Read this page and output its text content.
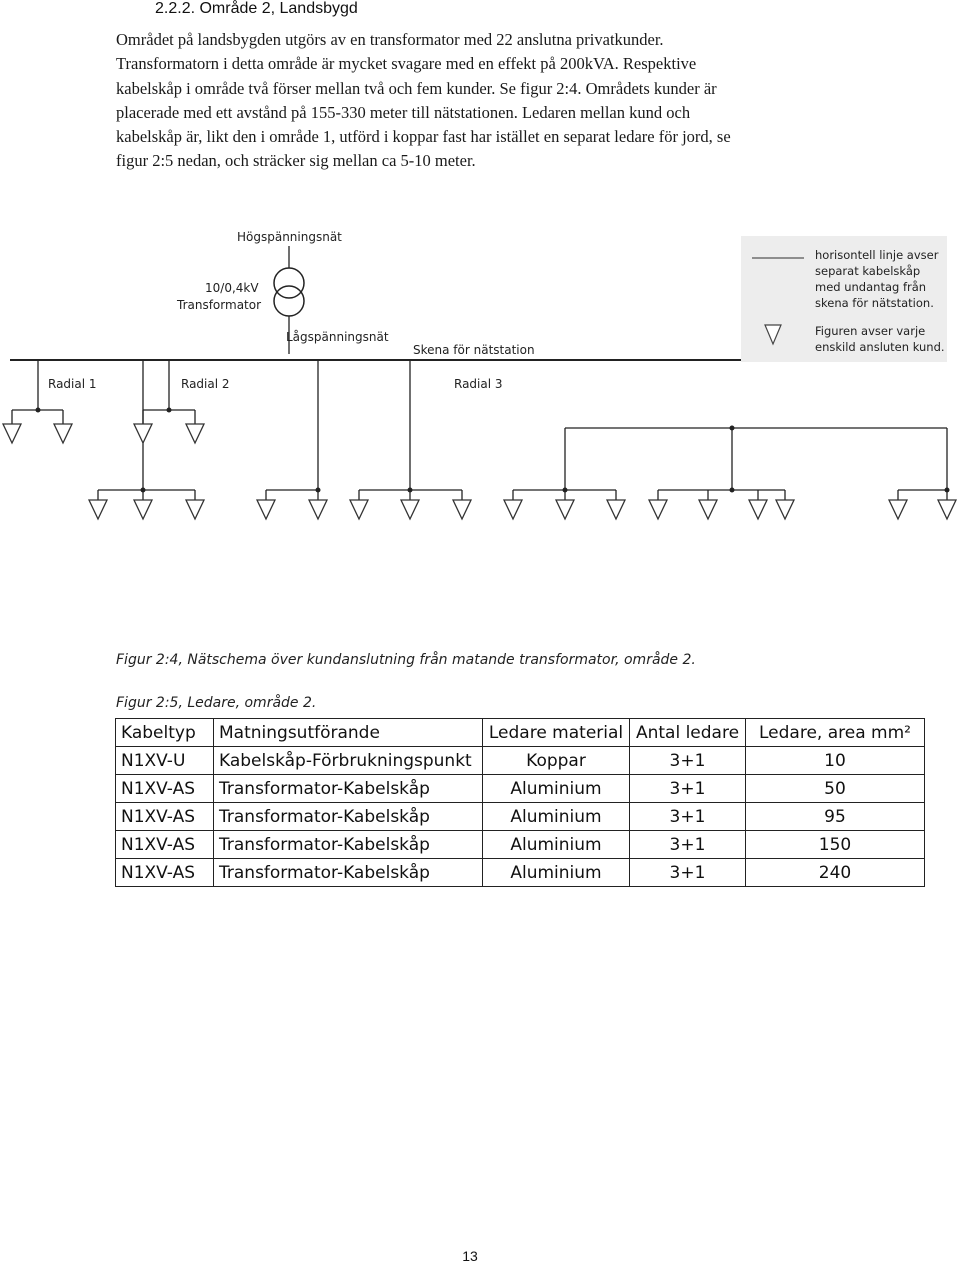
2.2.2. Område 2, Landsbygd
Området på landsbygden utgörs av en transformator med 22 anslutna privatkunder.
Transformatorn i detta område är mycket svagare med en effekt på 200kVA. Respektive
kabelskåp i område två förser mellan två och fem kunder. Se figur 2:4. Områdets kunder är
placerade med ett avstånd på 155-330 meter till nätstationen. Ledaren mellan kund och
kabelskåp är, likt den i område 1, utförd i koppar fast har istället en separat ledare för jord, se
figur 2:5 nedan, och sträcker sig mellan ca 5-10 meter.
Högspänningsnät
10/0,4kV
Transformator
Lågspänningsnät
Skena för nätstation
Radial 1	Radial 2	Radial 3
horisontell linje avser
separat kabelskåp
med undantag från
skena för nätstation.
Figuren avser varje
enskild ansluten kund.
Figur 2:4, Nätschema över kundanslutning från matande transformator, område 2.
Figur 2:5, Ledare, område 2.
Kabeltyp	Matningsutförande	Ledare material	Antal ledare	Ledare, area mm²
N1XV-U	Kabelskåp-Förbrukningspunkt	Koppar	3+1	10
N1XV-AS	Transformator-Kabelskåp	Aluminium	3+1	50
N1XV-AS	Transformator-Kabelskåp	Aluminium	3+1	95
N1XV-AS	Transformator-Kabelskåp	Aluminium	3+1	150
N1XV-AS	Transformator-Kabelskåp	Aluminium	3+1	240
13
